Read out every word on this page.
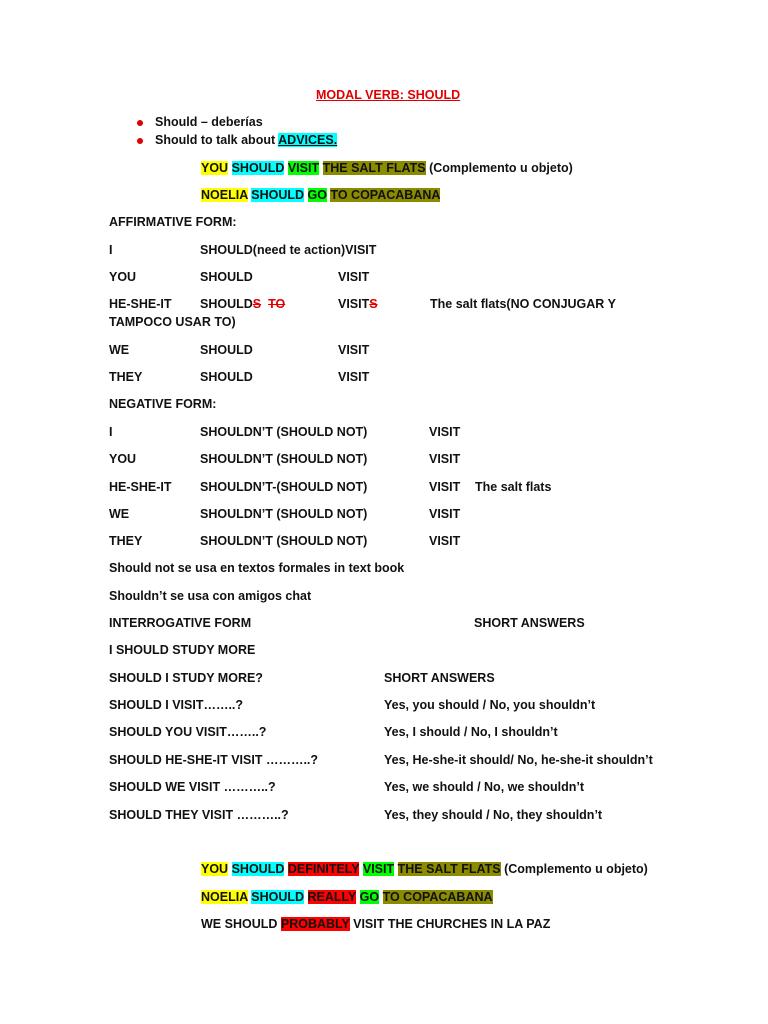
MODAL VERB: SHOULD
Should – deberías
Should to talk about ADVICES.
YOU SHOULD VISIT THE SALT FLATS (Complemento u objeto)
NOELIA SHOULD GO TO COPACABANA
AFFIRMATIVE FORM:
I	SHOULD(need te action)VISIT
YOU	SHOULD	VISIT
HE-SHE-IT SHOULDS TO	VISITS	The salt flats(NO CONJUGAR Y
TAMPOCO USAR TO)
WE	SHOULD	VISIT
THEY	SHOULD	VISIT
NEGATIVE FORM:
I	SHOULDN’T (SHOULD NOT)	VISIT
YOU	SHOULDN’T (SHOULD NOT)	VISIT
HE-SHE-IT SHOULDN’T-(SHOULD NOT)	VISIT The salt flats
WE	SHOULDN’T (SHOULD NOT)	VISIT
THEY	SHOULDN’T (SHOULD NOT)	VISIT
Should not se usa en textos formales in text book
Shouldn’t se usa con amigos chat
INTERROGATIVE FORM	SHORT ANSWERS
I SHOULD STUDY MORE
SHOULD I STUDY MORE?	SHORT ANSWERS
SHOULD I VISIT……..?	Yes, you should / No, you shouldn’t
SHOULD YOU VISIT……..?	Yes, I should / No, I shouldn’t
SHOULD HE-SHE-IT VISIT ………..?	Yes, He-she-it should/ No, he-she-it shouldn’t
SHOULD WE VISIT ………..?	Yes, we should / No, we shouldn’t
SHOULD THEY VISIT ………..?	Yes, they should / No, they shouldn’t
YOU SHOULD DEFINITELY VISIT THE SALT FLATS (Complemento u objeto)
NOELIA SHOULD REALLY GO TO COPACABANA
WE SHOULD PROBABLY VISIT THE CHURCHES IN LA PAZ
